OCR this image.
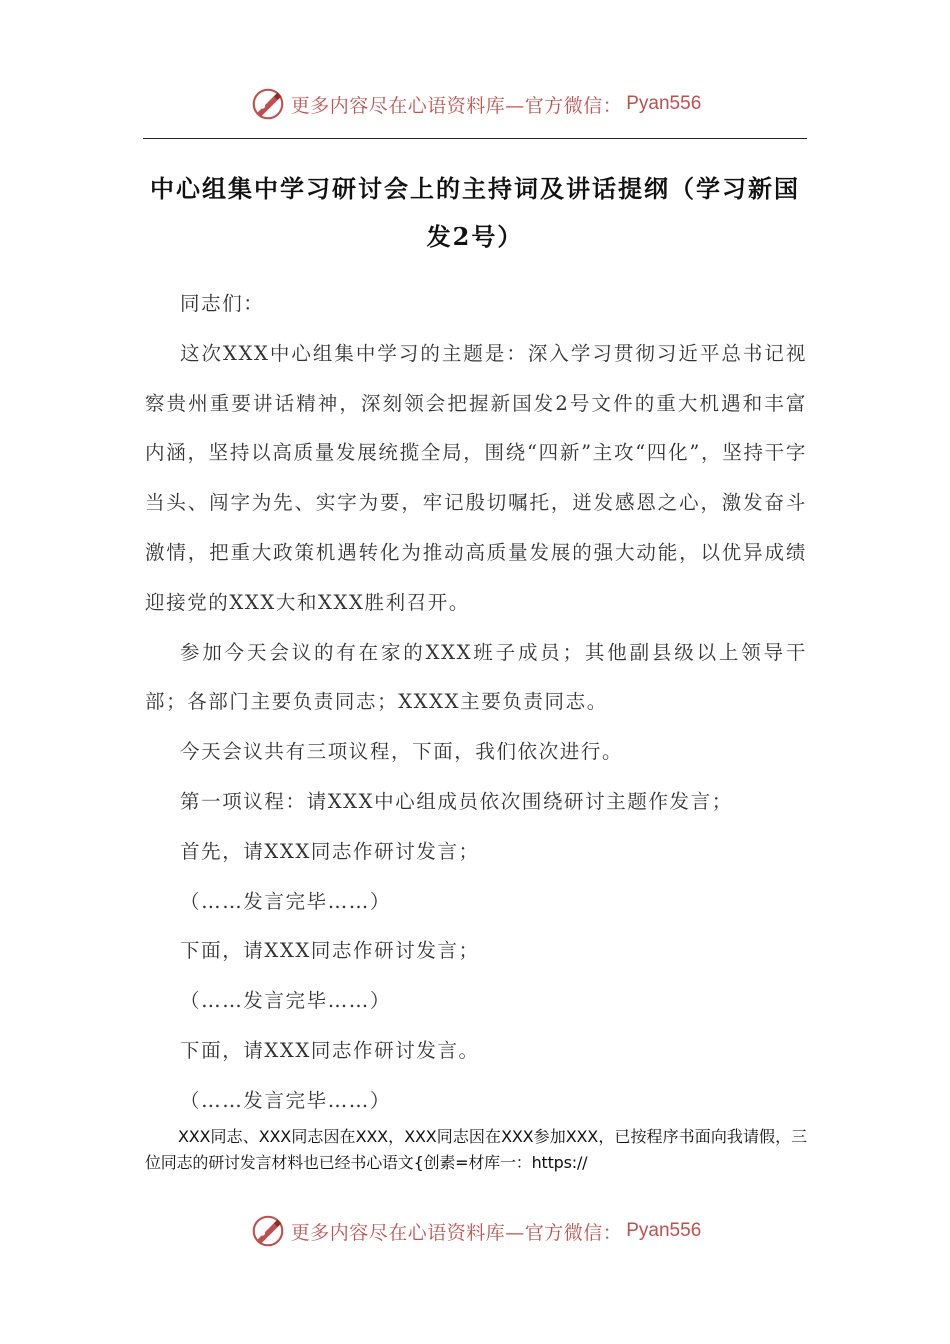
更多内容尽在心语资料库—官方微信： Pyan556
中心组集中学习研讨会上的主持词及讲话提纲（学习新国发2号）

同志们：

这次XXX中心组集中学习的主题是：深入学习贯彻习近平总书记视察贵州重要讲话精神，深刻领会把握新国发2号文件的重大机遇和丰富内涵，坚持以高质量发展统揽全局，围绕“四新”主攻“四化”，坚持干字当头、闯字为先、实字为要，牢记殷切嘱托，迸发感恩之心，激发奋斗激情，把重大政策机遇转化为推动高质量发展的强大动能，以优异成绩迎接党的XXX大和XXX胜利召开。

参加今天会议的有在家的XXX班子成员；其他副县级以上领导干部；各部门主要负责同志；XXXX主要负责同志。

今天会议共有三项议程，下面，我们依次进行。

第一项议程：请XXX中心组成员依次围绕研讨主题作发言；

首先，请XXX同志作研讨发言；

（……发言完毕……）

下面，请XXX同志作研讨发言；

（……发言完毕……）

下面，请XXX同志作研讨发言。

（……发言完毕……）

XXX同志、XXX同志因在XXX，XXX同志因在XXX参加XXX，已按程序书面向我请假，三位同志的研讨发言材料也已经书心语文{创素=材库一：https://
更多内容尽在心语资料库—官方微信： Pyan556
